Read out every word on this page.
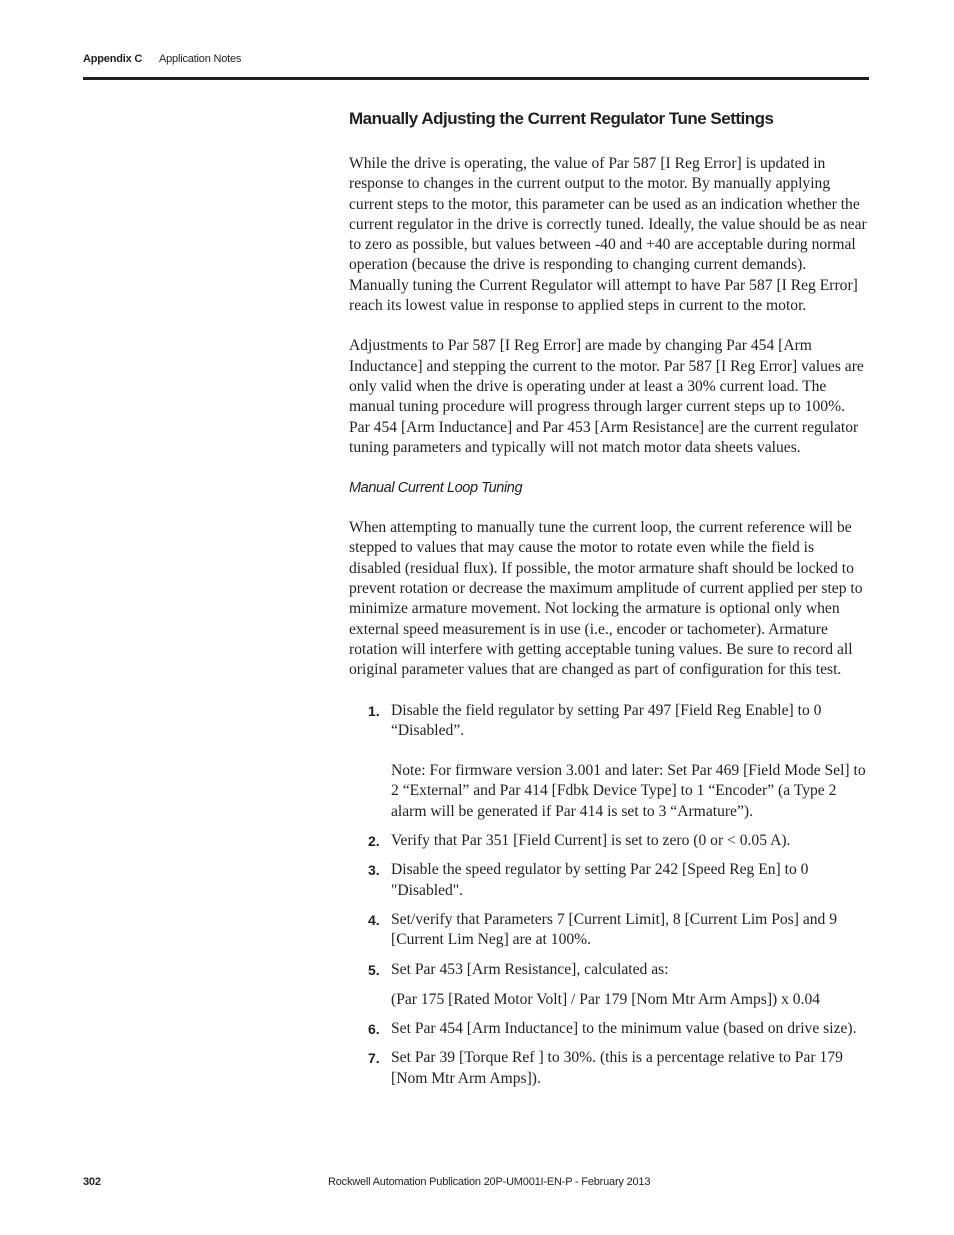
Appendix C Application Notes
Manually Adjusting the Current Regulator Tune Settings

While the drive is operating, the value of Par 587 [I Reg Error] is updated in response to changes in the current output to the motor. By manually applying current steps to the motor, this parameter can be used as an indication whether the current regulator in the drive is correctly tuned. Ideally, the value should be as near to zero as possible, but values between -40 and +40 are acceptable during normal operation (because the drive is responding to changing current demands). Manually tuning the Current Regulator will attempt to have Par 587 [I Reg Error] reach its lowest value in response to applied steps in current to the motor.

Adjustments to Par 587 [I Reg Error] are made by changing Par 454 [Arm Inductance] and stepping the current to the motor. Par 587 [I Reg Error] values are only valid when the drive is operating under at least a 30% current load. The manual tuning procedure will progress through larger current steps up to 100%. Par 454 [Arm Inductance] and Par 453 [Arm Resistance] are the current regulator tuning parameters and typically will not match motor data sheets values.

Manual Current Loop Tuning

When attempting to manually tune the current loop, the current reference will be stepped to values that may cause the motor to rotate even while the field is disabled (residual flux). If possible, the motor armature shaft should be locked to prevent rotation or decrease the maximum amplitude of current applied per step to minimize armature movement. Not locking the armature is optional only when external speed measurement is in use (i.e., encoder or tachometer). Armature rotation will interfere with getting acceptable tuning values. Be sure to record all original parameter values that are changed as part of configuration for this test.

1. Disable the field regulator by setting Par 497 [Field Reg Enable] to 0 “Disabled”.
Note: For firmware version 3.001 and later: Set Par 469 [Field Mode Sel] to 2 “External” and Par 414 [Fdbk Device Type] to 1 “Encoder” (a Type 2 alarm will be generated if Par 414 is set to 3 “Armature”).
2. Verify that Par 351 [Field Current] is set to zero (0 or < 0.05 A).
3. Disable the speed regulator by setting Par 242 [Speed Reg En] to 0 "Disabled".
4. Set/verify that Parameters 7 [Current Limit], 8 [Current Lim Pos] and 9 [Current Lim Neg] are at 100%.
5. Set Par 453 [Arm Resistance], calculated as:
(Par 175 [Rated Motor Volt] / Par 179 [Nom Mtr Arm Amps]) x 0.04
6. Set Par 454 [Arm Inductance] to the minimum value (based on drive size).
7. Set Par 39 [Torque Ref ] to 30%. (this is a percentage relative to Par 179 [Nom Mtr Arm Amps]).
302	Rockwell Automation Publication 20P-UM001I-EN-P - February 2013
